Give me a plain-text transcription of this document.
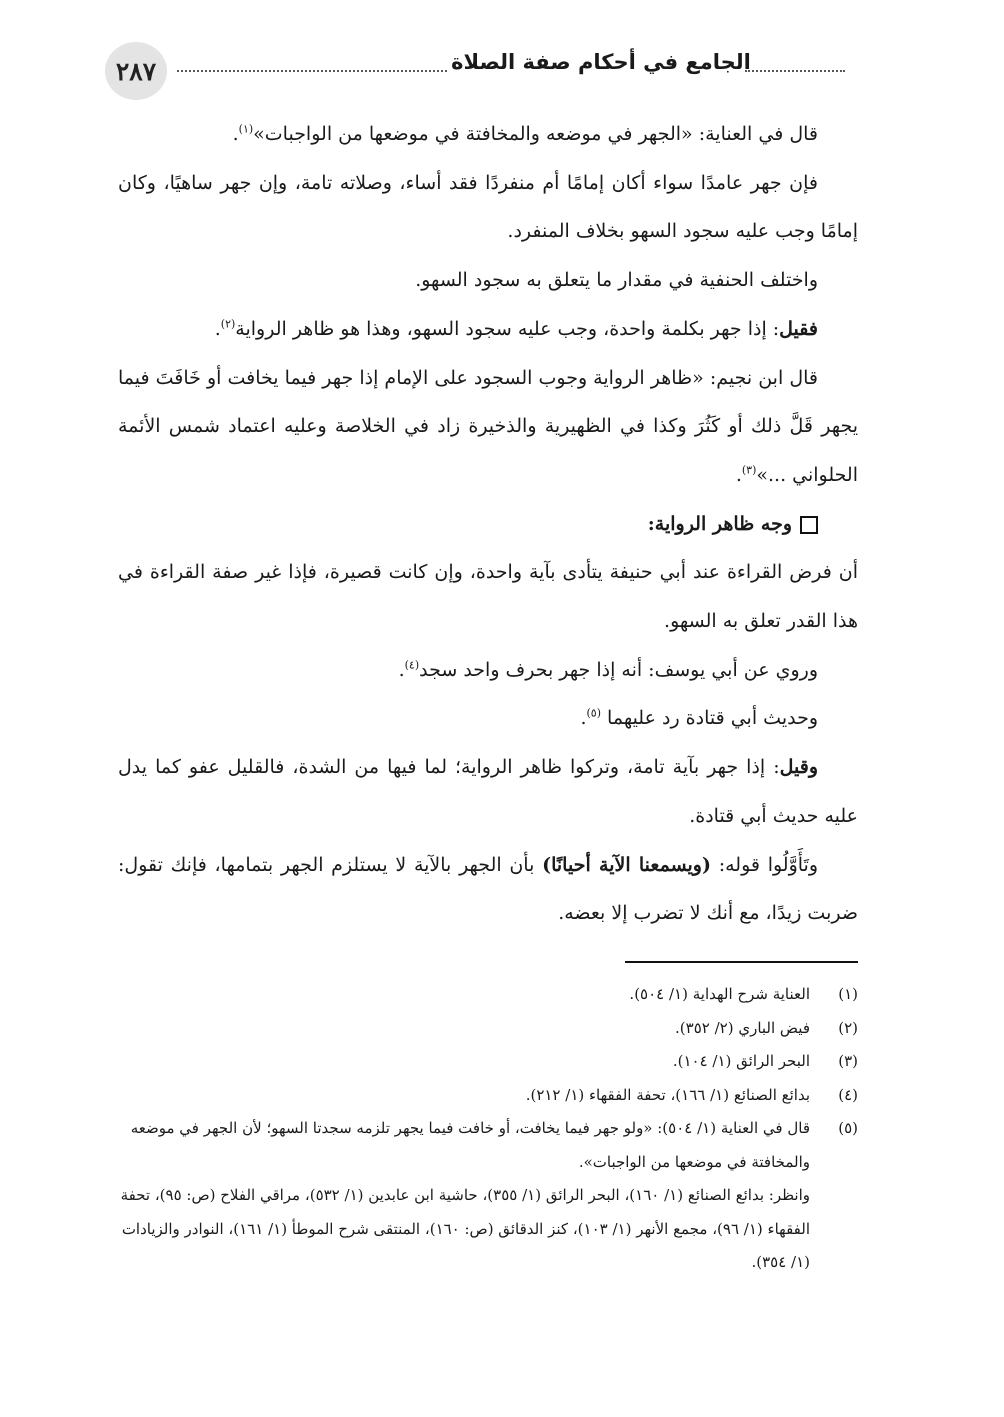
٢٨٧	الجامع في أحكام صفة الصلاة

قال في العناية: «الجهر في موضعه والمخافتة في موضعها من الواجبات»$^{(١)}$.

فإن جهر عامدًا سواء أكان إمامًا أم منفردًا فقد أساء، وصلاته تامة، وإن جهر ساهيًا، وكان إمامًا وجب عليه سجود السهو بخلاف المنفرد.

واختلف الحنفية في مقدار ما يتعلق به سجود السهو.

فقيل: إذا جهر بكلمة واحدة، وجب عليه سجود السهو، وهذا هو ظاهر الرواية$^{(٢)}$.

قال ابن نجيم: «ظاهر الرواية وجوب السجود على الإمام إذا جهر فيما يخافت أو خَافَتَ فيما يجهر قَلَّ ذلك أو كَثُرَ وكذا في الظهيرية والذخيرة زاد في الخلاصة وعليه اعتماد شمس الأئمة الحلواني ...»$^{(٣)}$.

وجه ظاهر الرواية:

أن فرض القراءة عند أبي حنيفة يتأدى بآية واحدة، وإن كانت قصيرة، فإذا غير صفة القراءة في هذا القدر تعلق به السهو.

وروي عن أبي يوسف: أنه إذا جهر بحرف واحد سجد$^{(٤)}$.

وحديث أبي قتادة رد عليهما $^{(٥)}$.

وقيل: إذا جهر بآية تامة، وتركوا ظاهر الرواية؛ لما فيها من الشدة، فالقليل عفو كما يدل عليه حديث أبي قتادة.

وتَأَوَّلُوا قوله: (ويسمعنا الآية أحيانًا) بأن الجهر بالآية لا يستلزم الجهر بتمامها، فإنك تقول: ضربت زيدًا، مع أنك لا تضرب إلا بعضه.

(١)
العناية شرح الهداية (١/ ٥٠٤).
(٢)
فيض الباري (٢/ ٣٥٢).
(٣)
البحر الرائق (١/ ١٠٤).
(٤)
بدائع الصنائع (١/ ١٦٦)، تحفة الفقهاء (١/ ٢١٢).
(٥)

قال في العناية (١/ ٥٠٤): «ولو جهر فيما يخافت، أو خافت فيما يجهر تلزمه سجدتا السهو؛ لأن الجهر في موضعه والمخافتة في موضعها من الواجبات».

وانظر: بدائع الصنائع (١/ ١٦٠)، البحر الرائق (١/ ٣٥٥)، حاشية ابن عابدين (١/ ٥٣٢)، مراقي الفلاح (ص: ٩٥)، تحفة الفقهاء (١/ ٩٦)، مجمع الأنهر (١/ ١٠٣)، كنز الدقائق (ص: ١٦٠)، المنتقى شرح الموطأ (١/ ١٦١)، النوادر والزيادات (١/ ٣٥٤).
